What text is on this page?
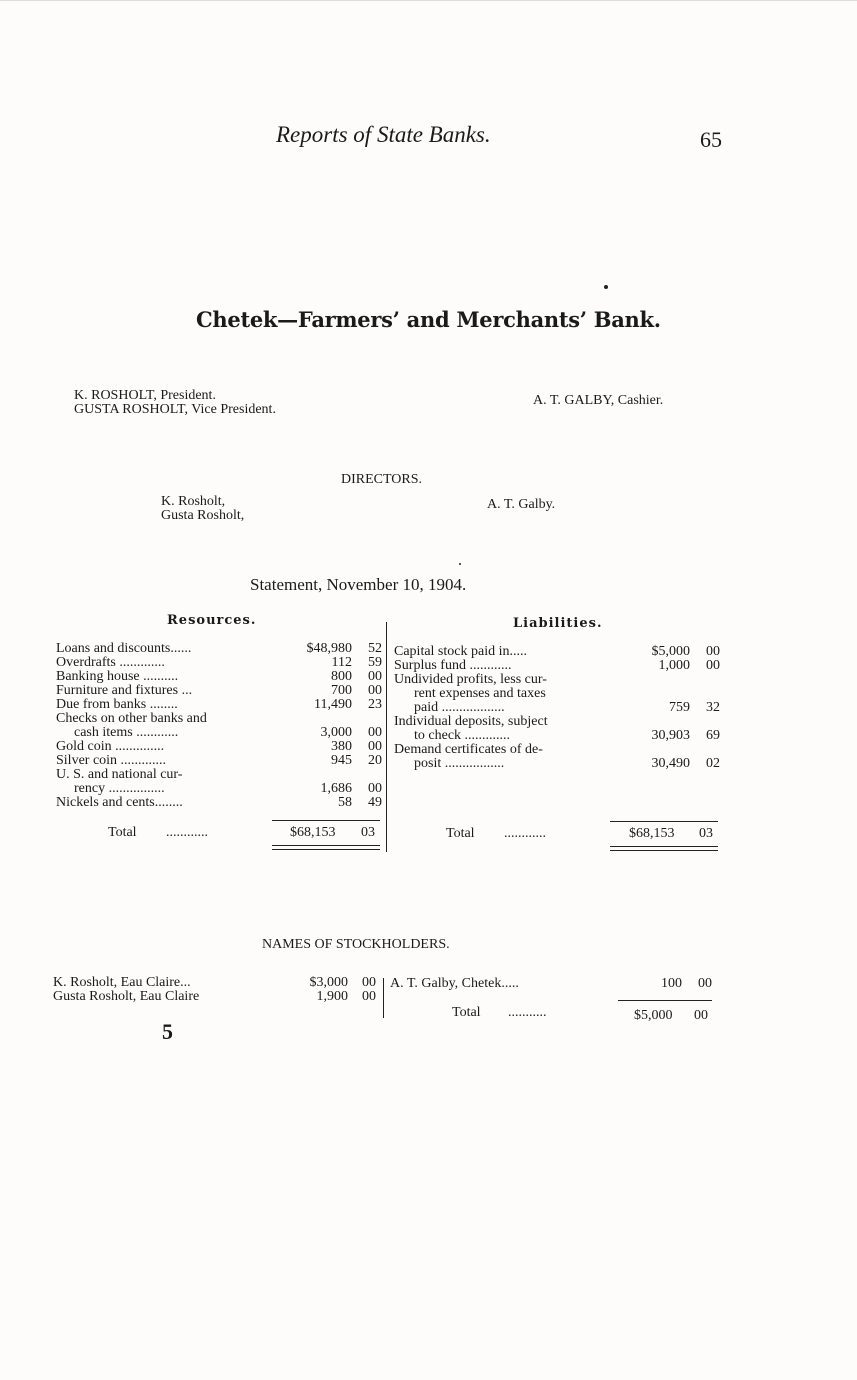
Reports of State Banks.	65
Chetek—Farmers’ and Merchants’ Bank.
K. ROSHOLT, President.
GUSTA ROSHOLT, Vice President.
A. T. GALBY, Cashier.
DIRECTORS.
K. Rosholt,
Gusta Rosholt,
A. T. Galby.
Statement, November 10, 1904.
Resources.	Liabilities.
Loans and discounts......	$48,980 52
Overdrafts .............	112 59
Banking house ..........	800 00
Furniture and fixtures ...	700 00
Due from banks ........	11,490 23
Checks on other banks and
cash items ............	3,000 00
Gold coin ..............	380 00
Silver coin .............	945 20
U. S. and national cur-
rency ................	1,686 00
Nickels and cents........	58 49
Total ............	$68,153 03
Capital stock paid in.....	$5,000 00
Surplus fund ............	1,000 00
Undivided profits, less cur-
rent expenses and taxes
paid ..................	759 32
Individual deposits, subject
to check .............	30,903 69
Demand certificates of de-
posit .................	30,490 02
Total ............	$68,153 03
NAMES OF STOCKHOLDERS.
K. Rosholt, Eau Claire...	$3,000 00
Gusta Rosholt, Eau Claire	1,900 00
A. T. Galby, Chetek.....	100 00
Total ...........	$5,000 00
5
